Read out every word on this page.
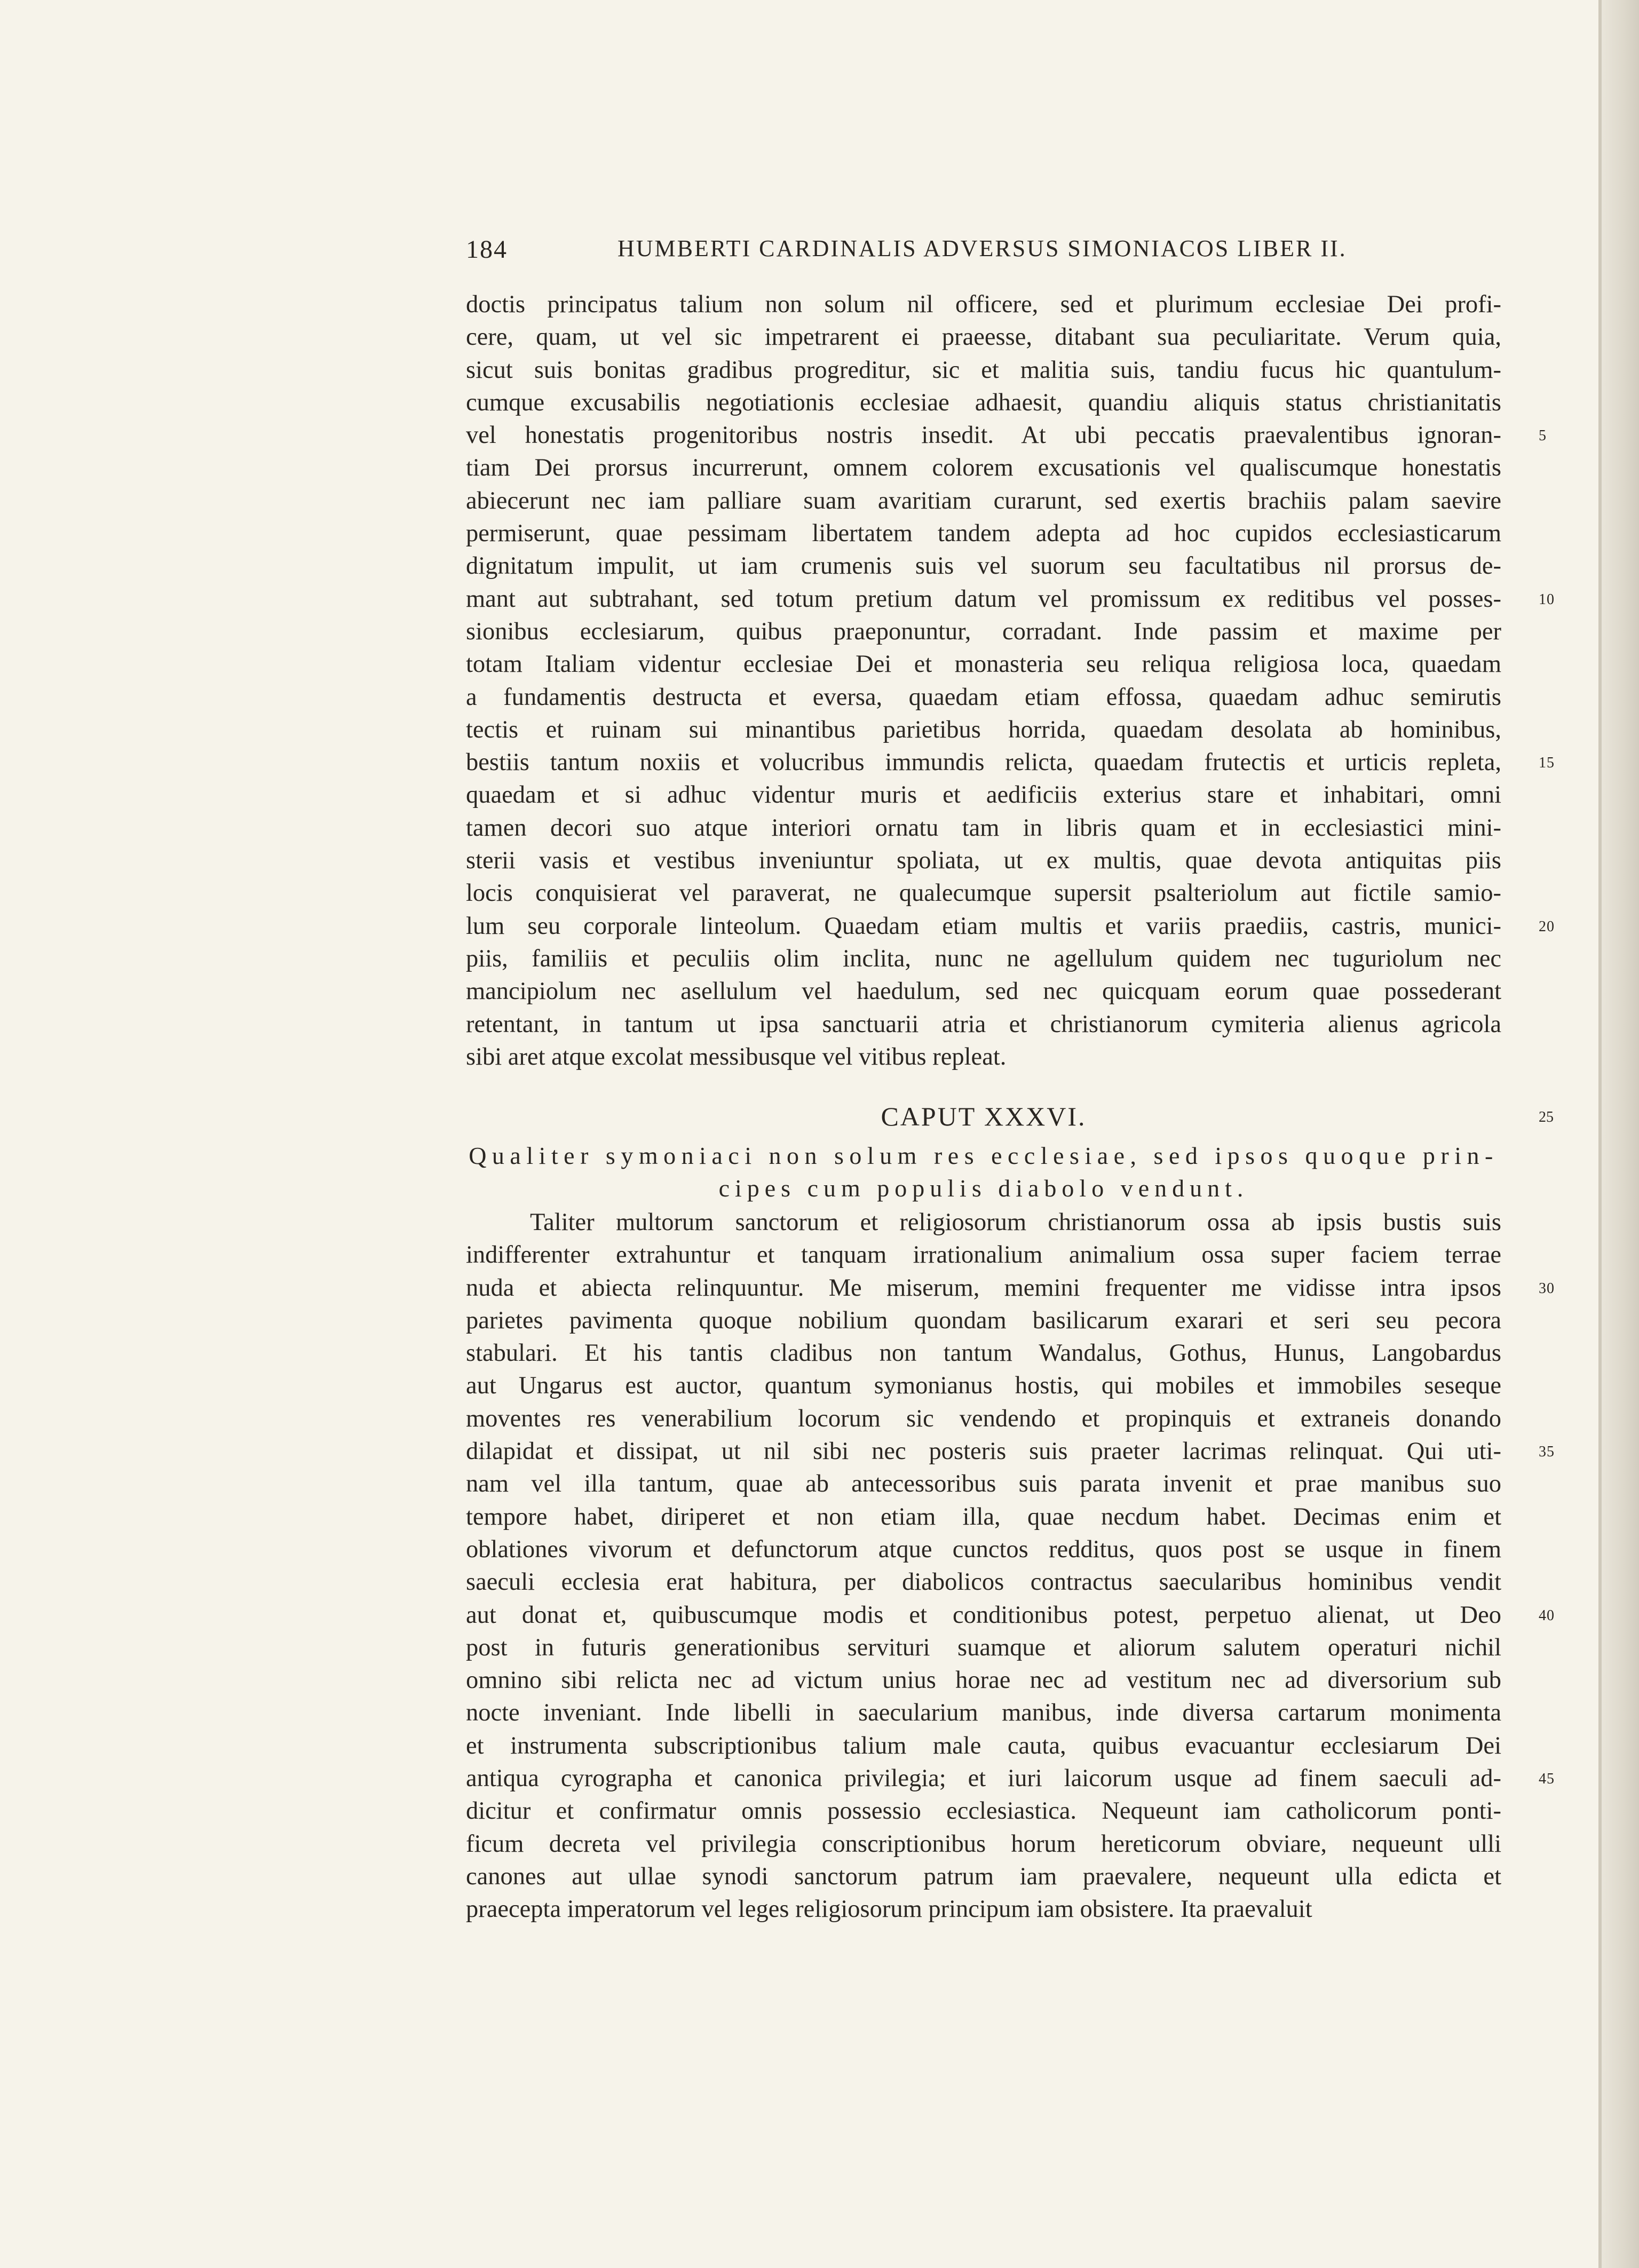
184	HUMBERTI CARDINALIS ADVERSUS SIMONIACOS LIBER II.
doctis principatus talium non solum nil officere, sed et plurimum ecclesiae Dei profi-
cere, quam, ut vel sic impetrarent ei praeesse, ditabant sua peculiaritate. Verum quia,
sicut suis bonitas gradibus progreditur, sic et malitia suis, tandiu fucus hic quantulum-
cumque excusabilis negotiationis ecclesiae adhaesit, quandiu aliquis status christianitatis
vel honestatis progenitoribus nostris insedit. At ubi peccatis praevalentibus ignoran-
tiam Dei prorsus incurrerunt, omnem colorem excusationis vel qualiscumque honestatis
abiecerunt nec iam palliare suam avaritiam curarunt, sed exertis brachiis palam saevire
permiserunt, quae pessimam libertatem tandem adepta ad hoc cupidos ecclesiasticarum
dignitatum impulit, ut iam crumenis suis vel suorum seu facultatibus nil prorsus de-
mant aut subtrahant, sed totum pretium datum vel promissum ex reditibus vel posses-
sionibus ecclesiarum, quibus praeponuntur, corradant. Inde passim et maxime per
totam Italiam videntur ecclesiae Dei et monasteria seu reliqua religiosa loca, quaedam
a fundamentis destructa et eversa, quaedam etiam effossa, quaedam adhuc semirutis
tectis et ruinam sui minantibus parietibus horrida, quaedam desolata ab hominibus,
bestiis tantum noxiis et volucribus immundis relicta, quaedam frutectis et urticis repleta,
quaedam et si adhuc videntur muris et aedificiis exterius stare et inhabitari, omni
tamen decori suo atque interiori ornatu tam in libris quam et in ecclesiastici mini-
sterii vasis et vestibus inveniuntur spoliata, ut ex multis, quae devota antiquitas piis
locis conquisierat vel paraverat, ne qualecumque supersit psalteriolum aut fictile samio-
lum seu corporale linteolum. Quaedam etiam multis et variis praediis, castris, munici-
piis, familiis et peculiis olim inclita, nunc ne agellulum quidem nec tuguriolum nec
mancipiolum nec asellulum vel haedulum, sed nec quicquam eorum quae possederant
retentant, in tantum ut ipsa sanctuarii atria et christianorum cymiteria alienus agricola
sibi aret atque excolat messibusque vel vitibus repleat.
5
10
15
20
CAPUT XXXVI.	25
Qualiter symoniaci non solum res ecclesiae, sed ipsos quoque prin-
cipes cum populis diabolo vendunt.
Taliter multorum sanctorum et religiosorum christianorum ossa ab ipsis bustis suis
indifferenter extrahuntur et tanquam irrationalium animalium ossa super faciem terrae
nuda et abiecta relinquuntur. Me miserum, memini frequenter me vidisse intra ipsos
parietes pavimenta quoque nobilium quondam basilicarum exarari et seri seu pecora
stabulari. Et his tantis cladibus non tantum Wandalus, Gothus, Hunus, Langobardus
aut Ungarus est auctor, quantum symonianus hostis, qui mobiles et immobiles seseque
moventes res venerabilium locorum sic vendendo et propinquis et extraneis donando
dilapidat et dissipat, ut nil sibi nec posteris suis praeter lacrimas relinquat. Qui uti-
nam vel illa tantum, quae ab antecessoribus suis parata invenit et prae manibus suo
tempore habet, diriperet et non etiam illa, quae necdum habet. Decimas enim et
oblationes vivorum et defunctorum atque cunctos redditus, quos post se usque in finem
saeculi ecclesia erat habitura, per diabolicos contractus saecularibus hominibus vendit
aut donat et, quibuscumque modis et conditionibus potest, perpetuo alienat, ut Deo
post in futuris generationibus servituri suamque et aliorum salutem operaturi nichil
omnino sibi relicta nec ad victum unius horae nec ad vestitum nec ad diversorium sub
nocte inveniant. Inde libelli in saecularium manibus, inde diversa cartarum monimenta
et instrumenta subscriptionibus talium male cauta, quibus evacuantur ecclesiarum Dei
antiqua cyrographa et canonica privilegia; et iuri laicorum usque ad finem saeculi ad-
dicitur et confirmatur omnis possessio ecclesiastica. Nequeunt iam catholicorum ponti-
ficum decreta vel privilegia conscriptionibus horum hereticorum obviare, nequeunt ulli
canones aut ullae synodi sanctorum patrum iam praevalere, nequeunt ulla edicta et
praecepta imperatorum vel leges religiosorum principum iam obsistere. Ita praevaluit
30
35
40
45
